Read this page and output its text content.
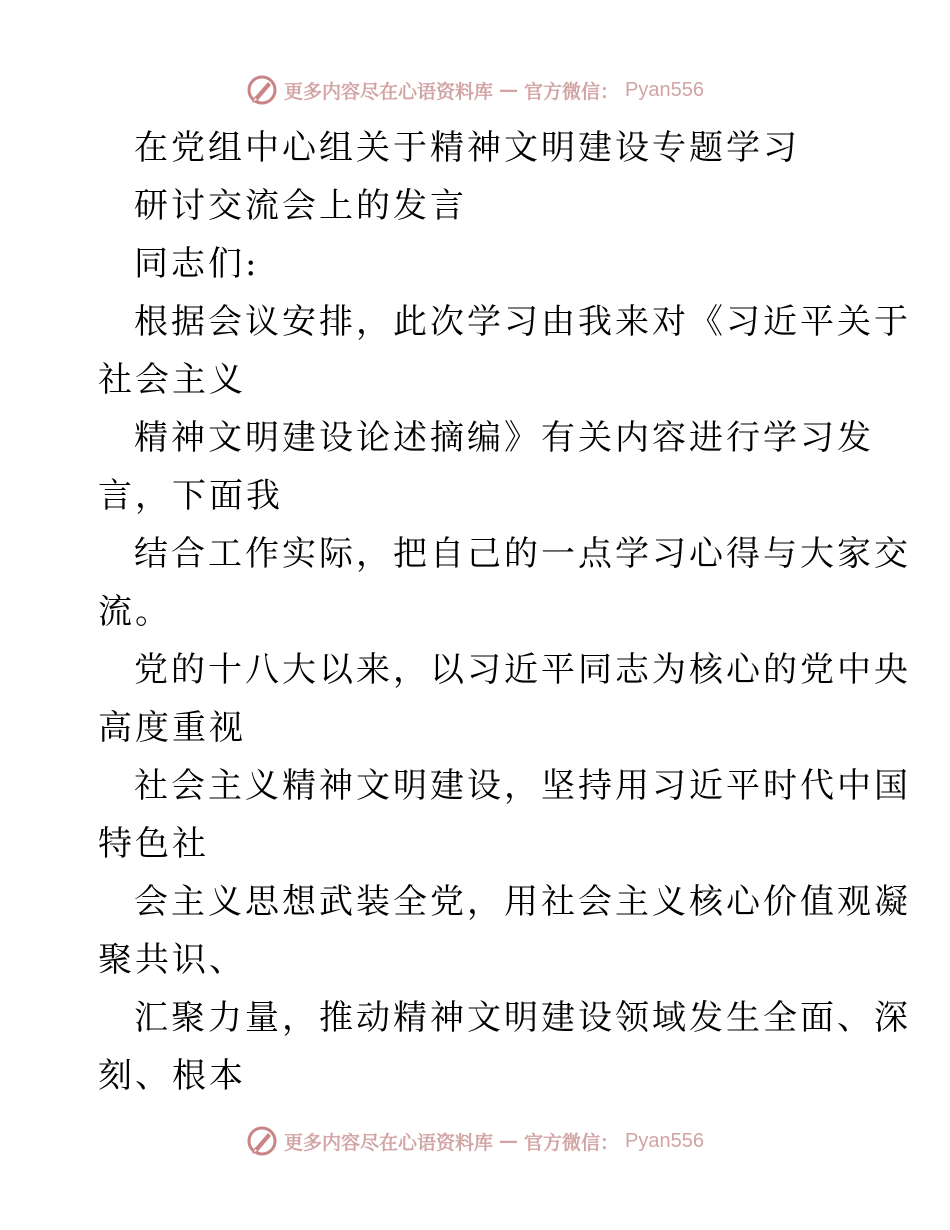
更多内容尽在心语资料库 — 官方微信： Pyan556

在党组中心组关于精神文明建设专题学习

研讨交流会上的发言

同志们:

根据会议安排，此次学习由我来对《习近平关于

社会主义

精神文明建设论述摘编》有关内容进行学习发

言，下面我

结合工作实际，把自己的一点学习心得与大家交

流。

党的十八大以来，以习近平同志为核心的党中央

高度重视

社会主义精神文明建设，坚持用习近平时代中国

特色社

会主义思想武装全党，用社会主义核心价值观凝

聚共识、

汇聚力量，推动精神文明建设领域发生全面、深

刻、根本

更多内容尽在心语资料库 — 官方微信： Pyan556
